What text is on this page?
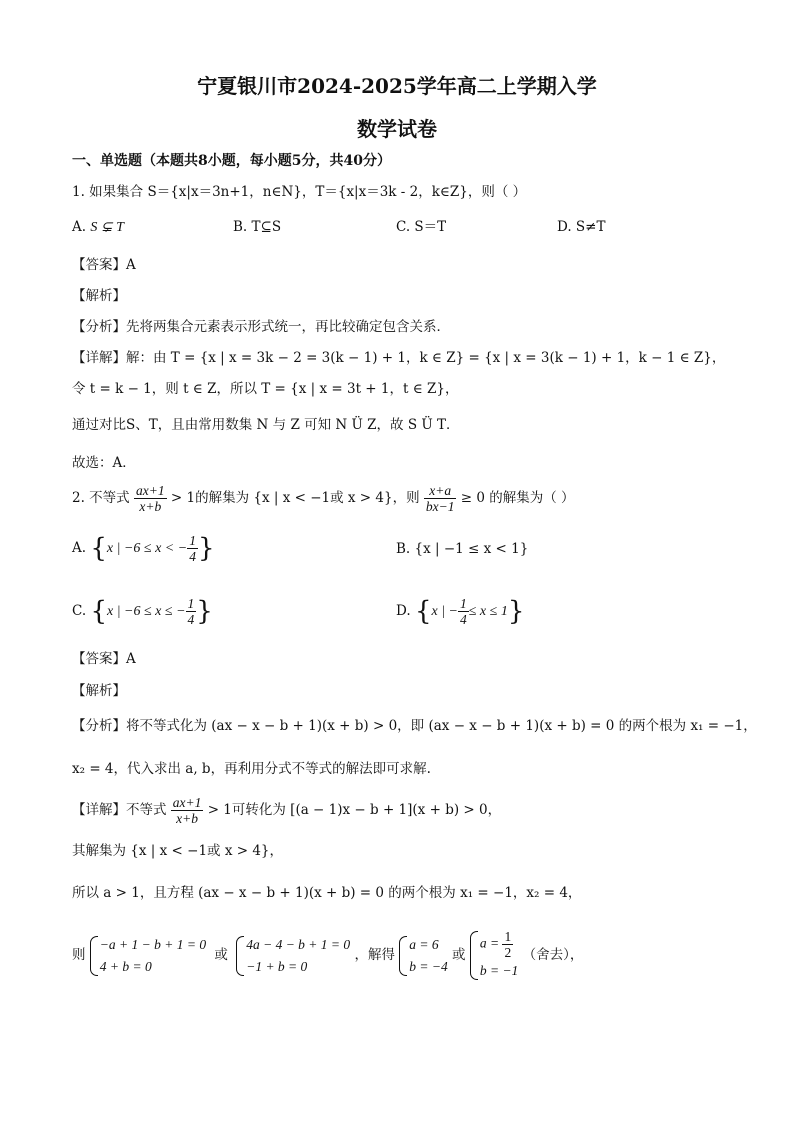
宁夏银川市2024-2025学年高二上学期入学
数学试卷
一、单选题（本题共8小题，每小题5分，共40分）
1. 如果集合 S＝{x|x＝3n+1，n∈N}，T＝{x|x＝3k - 2，k∈Z}，则（ ）
A. S ⊊ T	B. T⊆S	C. S＝T	D. S≠T
【答案】A
【解析】
【分析】先将两集合元素表示形式统一，再比较确定包含关系．
【详解】解：由 T = {x | x = 3k − 2 = 3(k − 1) + 1，k ∈ Z} = {x | x = 3(k − 1) + 1，k − 1 ∈ Z}，
令 t = k − 1，则 t ∈ Z，所以 T = {x | x = 3t + 1，t ∈ Z}，
通过对比S、T，且由常用数集 N 与 Z 可知 N Ü Z，故 S Ü T．
故选：A．
2. 不等式 $\frac{ax+1}{x+b} > 1$的解集为 {x | x < −1或 x > 4}，则 $\frac{x+a}{bx-1} \ge 0$ 的解集为（ ）
A. {x | −6 ≤ x < − $\frac{1}{4}$ }	B. {x | −1 ≤ x < 1}
C. {x | −6 ≤ x ≤ − $\frac{1}{4}$ }	D. {x | − $\frac{1}{4} \le x \le 1$}
【答案】A
【解析】
【分析】将不等式化为 (ax − x − b + 1)(x + b) > 0，即 (ax − x − b + 1)(x + b) = 0 的两个根为 x₁ = −1，
x₂ = 4，代入求出 a, b，再利用分式不等式的解法即可求解.
【详解】不等式 $\frac{ax+1}{x+b} > 1$可转化为 [(a − 1)x − b + 1](x + b) > 0，
其解集为 {x | x < −1或 x > 4}，
所以 a > 1，且方程 (ax − x − b + 1)(x + b) = 0 的两个根为 x₁ = −1，x₂ = 4，
则
−a + 1 − b + 1 = 0
4 + b = 0
或
4a − 4 − b + 1 = 0
−1 + b = 0
，解得
a = 6
b = −4
或
$a = \frac{1}{2}$
b = −1
（舍去），
